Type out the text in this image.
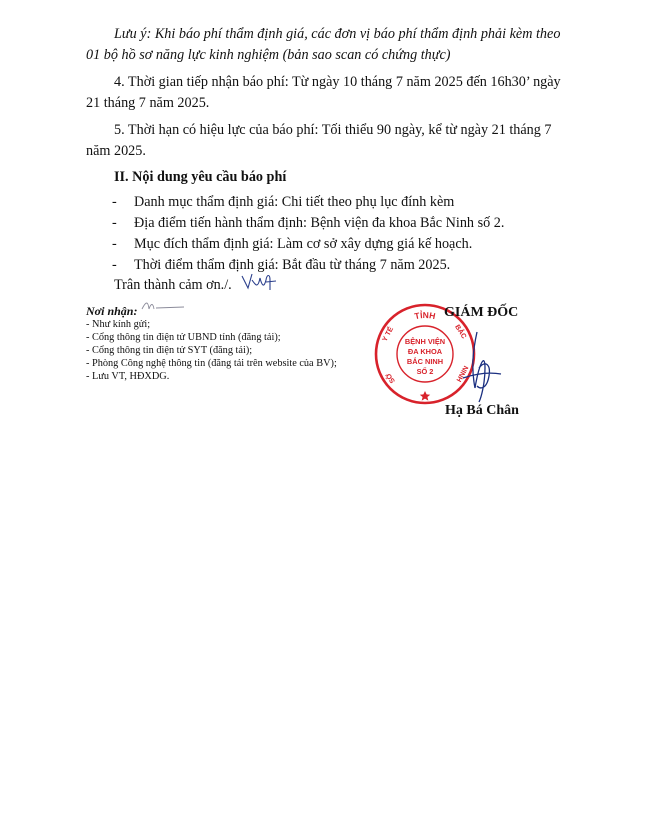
Lưu ý: Khi báo phí thẩm định giá, các đơn vị báo phí thẩm định phải kèm theo
01 bộ hồ sơ năng lực kinh nghiệm (bản sao scan có chứng thực)
4. Thời gian tiếp nhận báo phí: Từ ngày 10 tháng 7 năm 2025 đến 16h30’ ngày
21 tháng 7 năm 2025.
5. Thời hạn có hiệu lực của báo phí: Tối thiểu 90 ngày, kể từ ngày 21 tháng 7
năm 2025.
II. Nội dung yêu cầu báo phí
- Danh mục thẩm định giá: Chi tiết theo phụ lục đính kèm
- Địa điểm tiến hành thẩm định: Bệnh viện đa khoa Bắc Ninh số 2.
- Mục đích thẩm định giá: Làm cơ sở xây dựng giá kế hoạch.
- Thời điểm thẩm định giá: Bắt đầu từ tháng 7 năm 2025.
Trân thành cảm ơn./.
Nơi nhận:
- Như kính gửi;
- Cổng thông tin điện tử UBND tỉnh (đăng tải);
- Cổng thông tin điện tử SYT (đăng tải);
- Phòng Công nghệ thông tin (đăng tải trên website của BV);
- Lưu VT, HĐXDG.
TỈNH
Y TẾ	BẮC
NINH
SỞ
BỆNH VIỆN
ĐA KHOA
BẮC NINH
SỐ 2
GIÁM ĐỐC
Hạ Bá Chân
